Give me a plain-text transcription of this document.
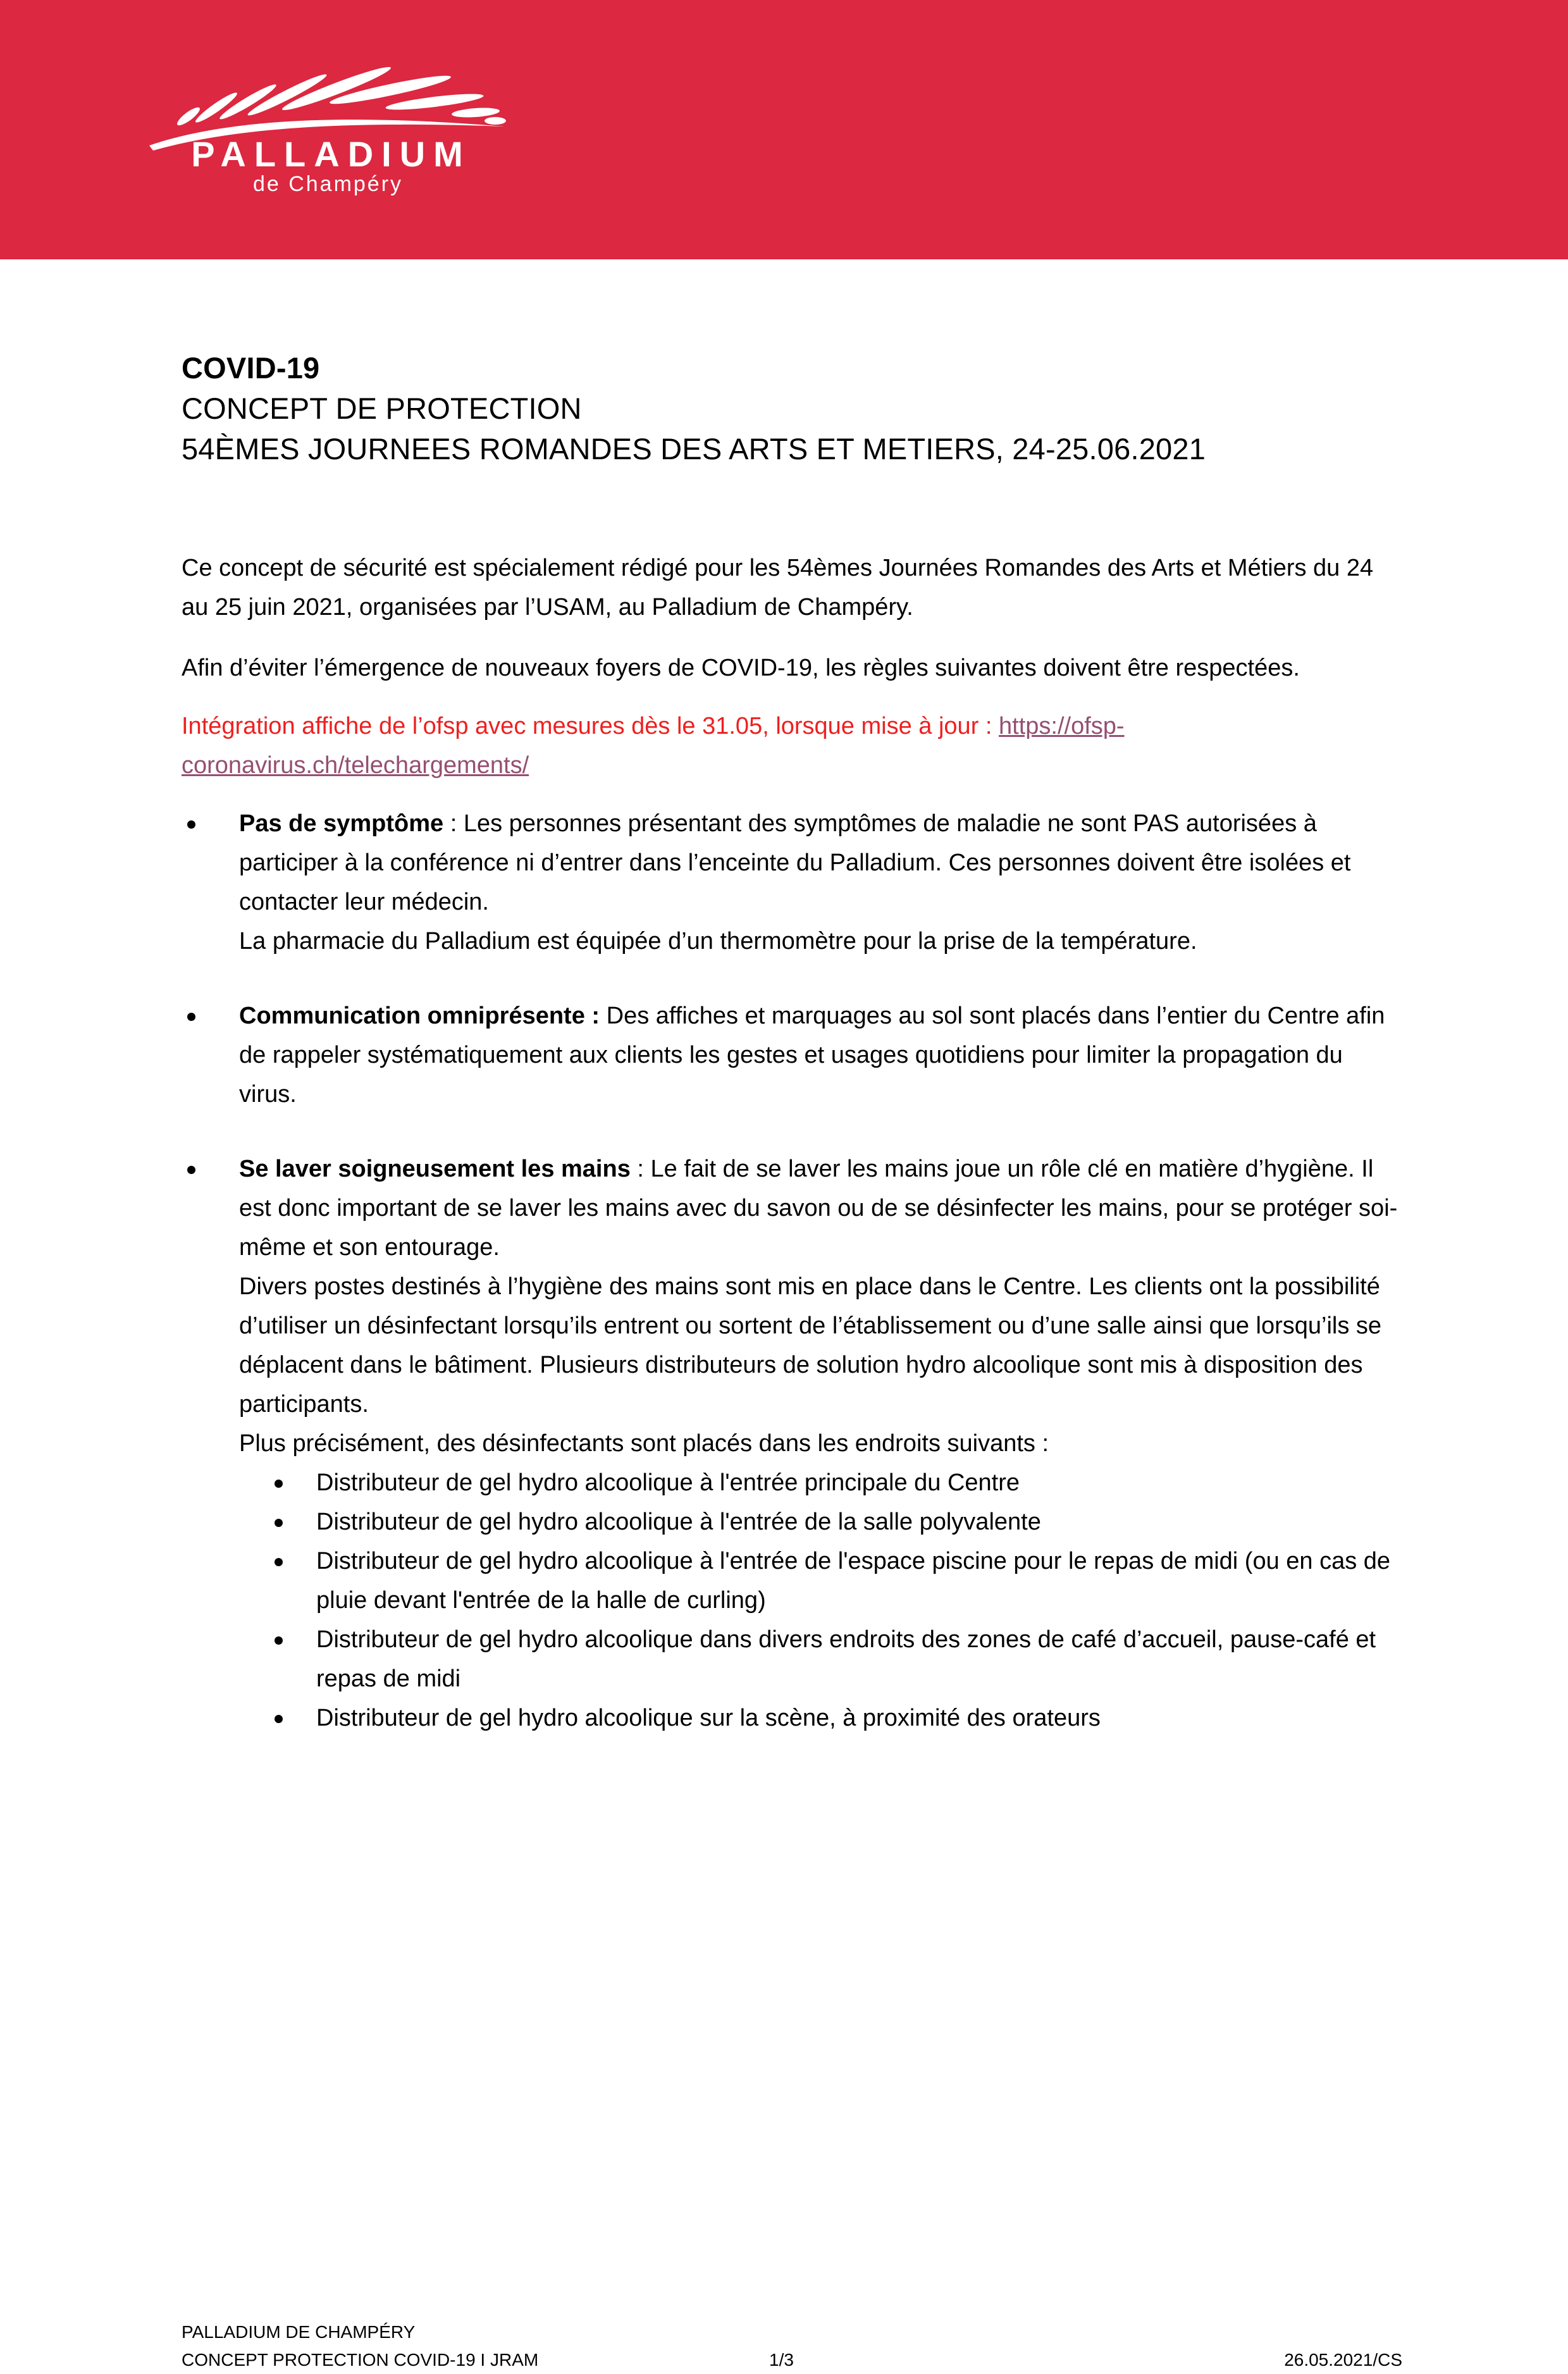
PALLADIUM
de Champéry
COVID-19
CONCEPT DE PROTECTION
54ÈMES JOURNEES ROMANDES DES ARTS ET METIERS, 24-25.06.2021

Ce concept de sécurité est spécialement rédigé pour les 54èmes Journées Romandes des Arts et Métiers du 24 au 25 juin 2021, organisées par l’USAM, au Palladium de Champéry.

Afin d’éviter l’émergence de nouveaux foyers de COVID-19, les règles suivantes doivent être respectées.

Intégration affiche de l’ofsp avec mesures dès le 31.05, lorsque mise à jour : https://ofsp-coronavirus.ch/telechargements/

Pas de symptôme : Les personnes présentant des symptômes de maladie ne sont PAS autorisées à participer à la conférence ni d’entrer dans l’enceinte du Palladium. Ces personnes doivent être isolées et contacter leur médecin.
La pharmacie du Palladium est équipée d’un thermomètre pour la prise de la température.
Communication omniprésente : Des affiches et marquages au sol sont placés dans l’entier du Centre afin de rappeler systématiquement aux clients les gestes et usages quotidiens pour limiter la propagation du virus.
Se laver soigneusement les mains : Le fait de se laver les mains joue un rôle clé en matière d’hygiène. Il est donc important de se laver les mains avec du savon ou de se désinfecter les mains, pour se protéger soi-même et son entourage.
Divers postes destinés à l’hygiène des mains sont mis en place dans le Centre. Les clients ont la possibilité d’utiliser un désinfectant lorsqu’ils entrent ou sortent de l’établissement ou d’une salle ainsi que lorsqu’ils se déplacent dans le bâtiment. Plusieurs distributeurs de solution hydro alcoolique sont mis à disposition des participants.
Plus précisément, des désinfectants sont placés dans les endroits suivants :
Distributeur de gel hydro alcoolique à l'entrée principale du Centre
Distributeur de gel hydro alcoolique à l'entrée de la salle polyvalente
Distributeur de gel hydro alcoolique à l'entrée de l'espace piscine pour le repas de midi (ou en cas de pluie devant l'entrée de la halle de curling)
Distributeur de gel hydro alcoolique dans divers endroits des zones de café d’accueil, pause-café et repas de midi
Distributeur de gel hydro alcoolique sur la scène, à proximité des orateurs
PALLADIUM DE CHAMPÉRY
CONCEPT PROTECTION COVID-19 I JRAM	1/3	26.05.2021/CS
